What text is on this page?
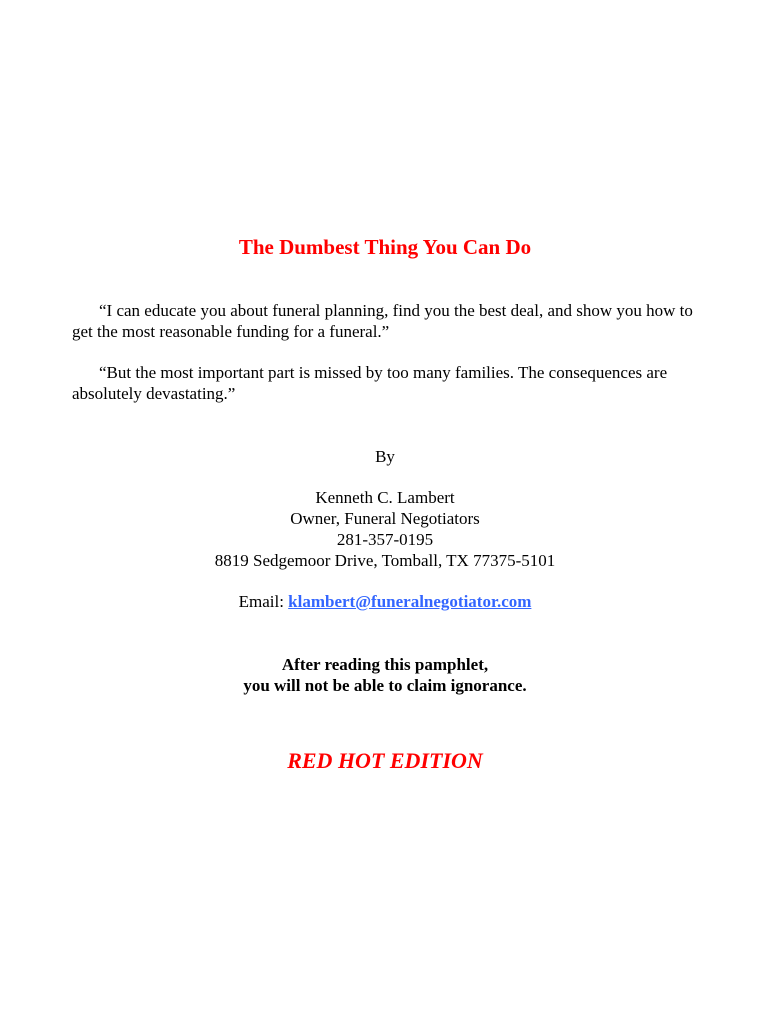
The Dumbest Thing You Can Do

“I can educate you about funeral planning, find you the best deal, and show you how to get the most reasonable funding for a funeral.”

“But the most important part is missed by too many families. The consequences are absolutely devastating.”

By
Kenneth C. Lambert
Owner, Funeral Negotiators
281-357-0195
8819 Sedgemoor Drive, Tomball, TX 77375-5101
Email: klambert@funeralnegotiator.com
After reading this pamphlet,
you will not be able to claim ignorance.
RED HOT EDITION
